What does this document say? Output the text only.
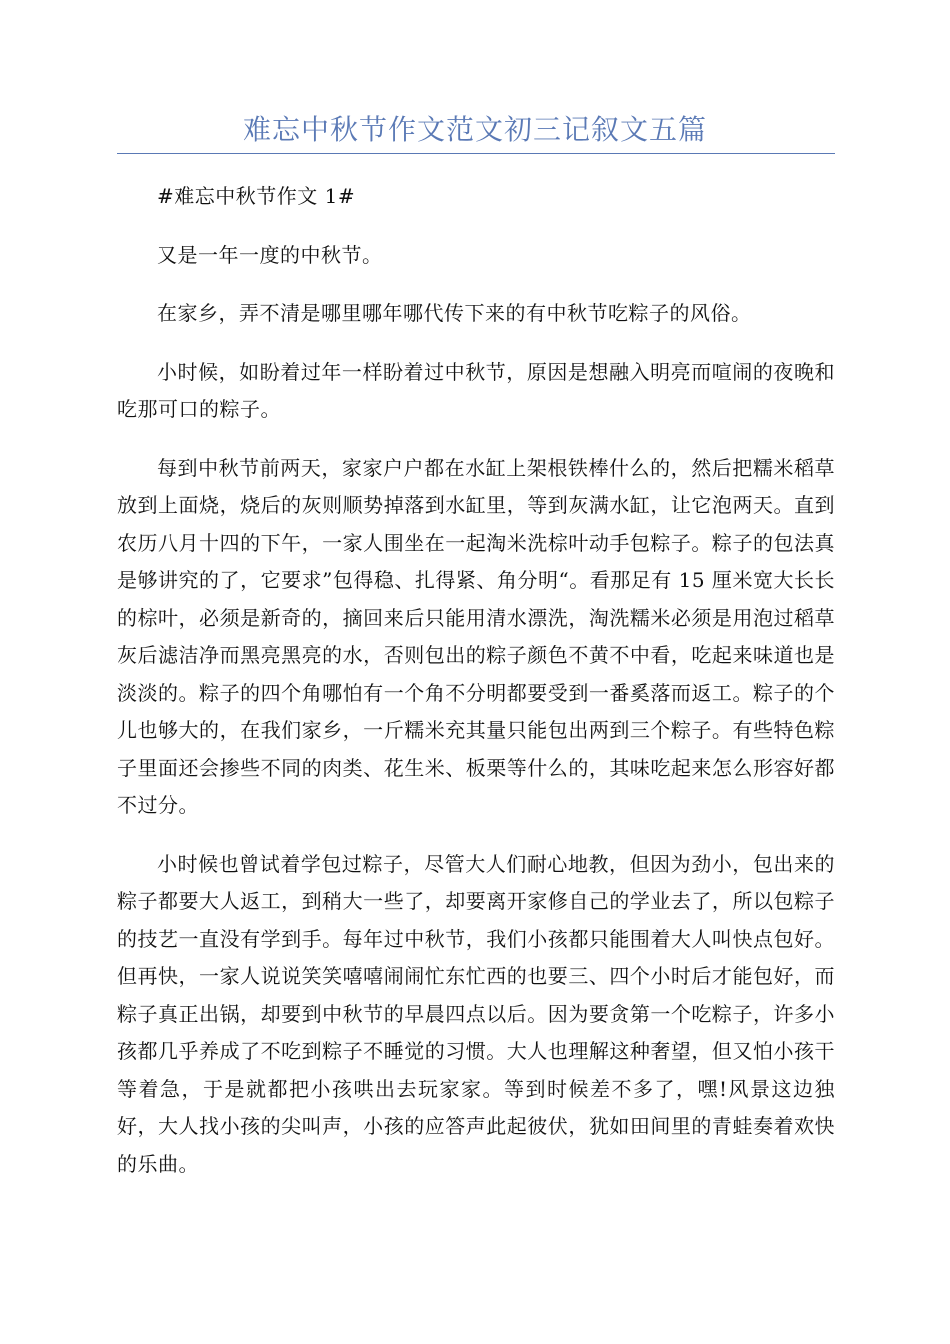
难忘中秋节作文范文初三记叙文五篇

#难忘中秋节作文 1#

又是一年一度的中秋节。

在家乡，弄不清是哪里哪年哪代传下来的有中秋节吃粽子的风俗。

小时候，如盼着过年一样盼着过中秋节，原因是想融入明亮而喧闹的夜晚和吃那可口的粽子。

每到中秋节前两天，家家户户都在水缸上架根铁棒什么的，然后把糯米稻草放到上面烧，烧后的灰则顺势掉落到水缸里，等到灰满水缸，让它泡两天。直到农历八月十四的下午，一家人围坐在一起淘米洗棕叶动手包粽子。粽子的包法真是够讲究的了，它要求”包得稳、扎得紧、角分明“。看那足有 15 厘米宽大长长的棕叶，必须是新奇的，摘回来后只能用清水漂洗，淘洗糯米必须是用泡过稻草灰后滤洁净而黑亮黑亮的水，否则包出的粽子颜色不黄不中看，吃起来味道也是淡淡的。粽子的四个角哪怕有一个角不分明都要受到一番奚落而返工。粽子的个儿也够大的，在我们家乡，一斤糯米充其量只能包出两到三个粽子。有些特色粽子里面还会掺些不同的肉类、花生米、板栗等什么的，其味吃起来怎么形容好都不过分。

小时候也曾试着学包过粽子，尽管大人们耐心地教，但因为劲小，包出来的粽子都要大人返工，到稍大一些了，却要离开家修自己的学业去了，所以包粽子的技艺一直没有学到手。每年过中秋节，我们小孩都只能围着大人叫快点包好。但再快，一家人说说笑笑嘻嘻闹闹忙东忙西的也要三、四个小时后才能包好，而粽子真正出锅，却要到中秋节的早晨四点以后。因为要贪第一个吃粽子，许多小孩都几乎养成了不吃到粽子不睡觉的习惯。大人也理解这种奢望，但又怕小孩干等着急，于是就都把小孩哄出去玩家家。等到时候差不多了，嘿!风景这边独好，大人找小孩的尖叫声，小孩的应答声此起彼伏，犹如田间里的青蛙奏着欢快的乐曲。
